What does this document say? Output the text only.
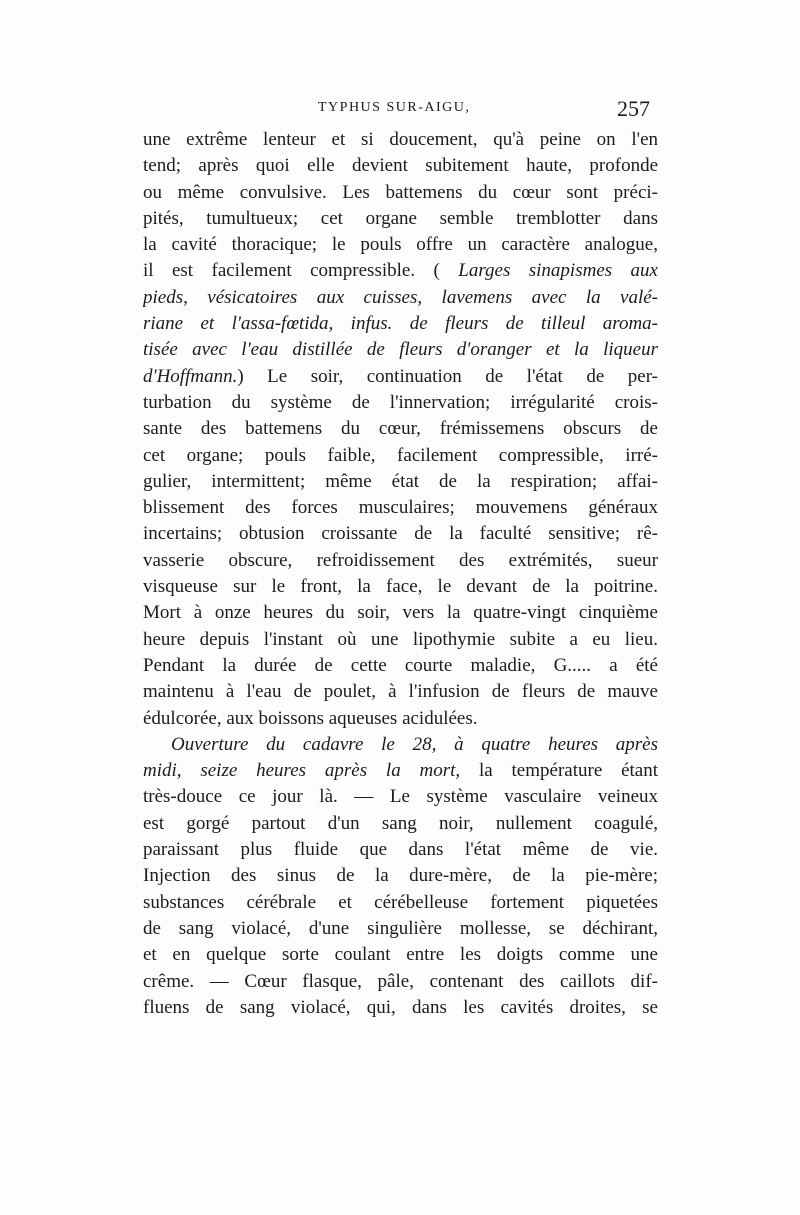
TYPHUS SUR-AIGU,	257
une extrême lenteur et si doucement, qu'à peine on l'en
tend; après quoi elle devient subitement haute, profonde
ou même convulsive. Les battemens du cœur sont préci-
pités, tumultueux; cet organe semble tremblotter dans
la cavité thoracique; le pouls offre un caractère analogue,
il est facilement compressible. ( Larges sinapismes aux
pieds, vésicatoires aux cuisses, lavemens avec la valé-
riane et l'assa-fœtida, infus. de fleurs de tilleul aroma-
tisée avec l'eau distillée de fleurs d'oranger et la liqueur
d'Hoffmann.) Le soir, continuation de l'état de per-
turbation du système de l'innervation; irrégularité crois-
sante des battemens du cœur, frémissemens obscurs de
cet organe; pouls faible, facilement compressible, irré-
gulier, intermittent; même état de la respiration; affai-
blissement des forces musculaires; mouvemens généraux
incertains; obtusion croissante de la faculté sensitive; rê-
vasserie obscure, refroidissement des extrémités, sueur
visqueuse sur le front, la face, le devant de la poitrine.
Mort à onze heures du soir, vers la quatre-vingt cinquième
heure depuis l'instant où une lipothymie subite a eu lieu.
Pendant la durée de cette courte maladie, G..... a été
maintenu à l'eau de poulet, à l'infusion de fleurs de mauve
édulcorée, aux boissons aqueuses acidulées.
Ouverture du cadavre le 28, à quatre heures après
midi, seize heures après la mort, la température étant
très-douce ce jour là. — Le système vasculaire veineux
est gorgé partout d'un sang noir, nullement coagulé,
paraissant plus fluide que dans l'état même de vie.
Injection des sinus de la dure-mère, de la pie-mère;
substances cérébrale et cérébelleuse fortement piquetées
de sang violacé, d'une singulière mollesse, se déchirant,
et en quelque sorte coulant entre les doigts comme une
crême. — Cœur flasque, pâle, contenant des caillots dif-
fluens de sang violacé, qui, dans les cavités droites, se
